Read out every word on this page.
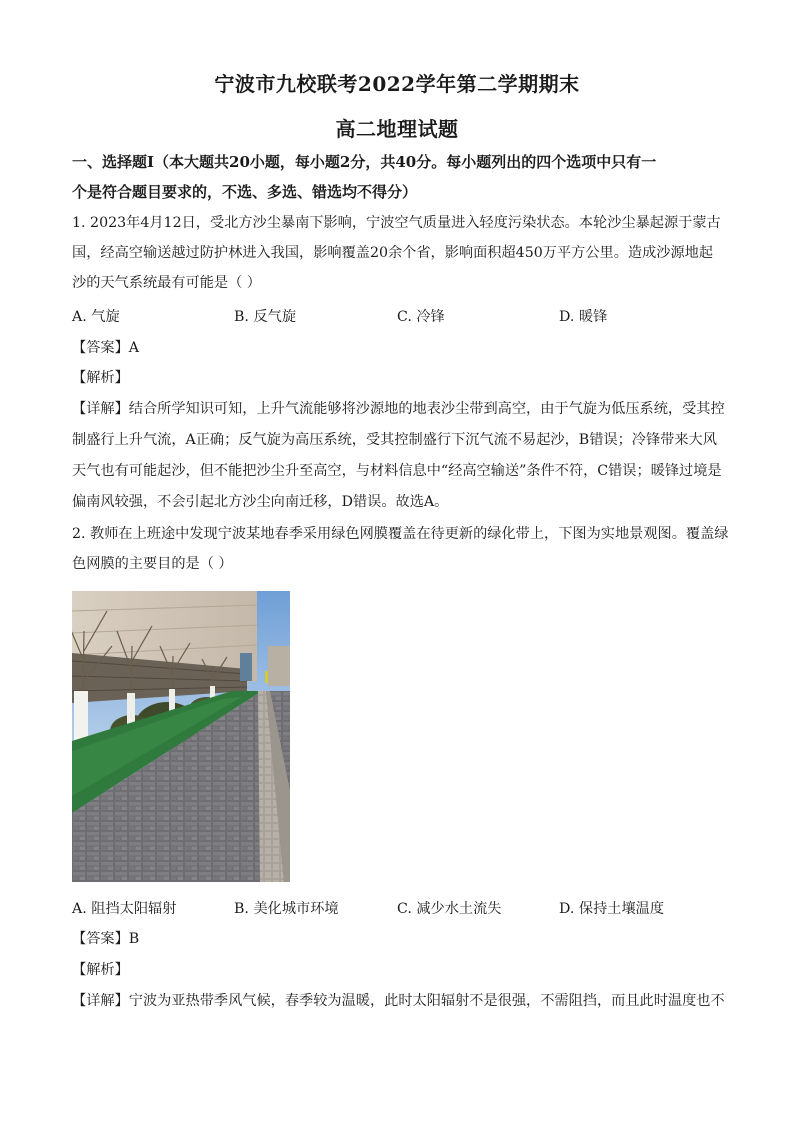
宁波市九校联考2022学年第二学期期末
高二地理试题
一、选择题Ⅰ（本大题共20小题，每小题2分，共40分。每小题列出的四个选项中只有一
个是符合题目要求的，不选、多选、错选均不得分）
1. 2023年4月12日，受北方沙尘暴南下影响，宁波空气质量进入轻度污染状态。本轮沙尘暴起源于蒙古
国，经高空输送越过防护林进入我国，影响覆盖20余个省，影响面积超450万平方公里。造成沙源地起
沙的天气系统最有可能是（ ）
A. 气旋	B. 反气旋	C. 冷锋	D. 暖锋
【答案】A
【解析】
【详解】结合所学知识可知，上升气流能够将沙源地的地表沙尘带到高空，由于气旋为低压系统，受其控
制盛行上升气流，A正确；反气旋为高压系统，受其控制盛行下沉气流不易起沙，B错误；冷锋带来大风
天气也有可能起沙，但不能把沙尘升至高空，与材料信息中“经高空输送”条件不符，C错误；暖锋过境是
偏南风较强，不会引起北方沙尘向南迁移，D错误。故选A。
2. 教师在上班途中发现宁波某地春季采用绿色网膜覆盖在待更新的绿化带上，下图为实地景观图。覆盖绿
色网膜的主要目的是（ ）
A. 阻挡太阳辐射	B. 美化城市环境	C. 减少水土流失	D. 保持土壤温度
【答案】B
【解析】
【详解】宁波为亚热带季风气候，春季较为温暖，此时太阳辐射不是很强，不需阻挡，而且此时温度也不
